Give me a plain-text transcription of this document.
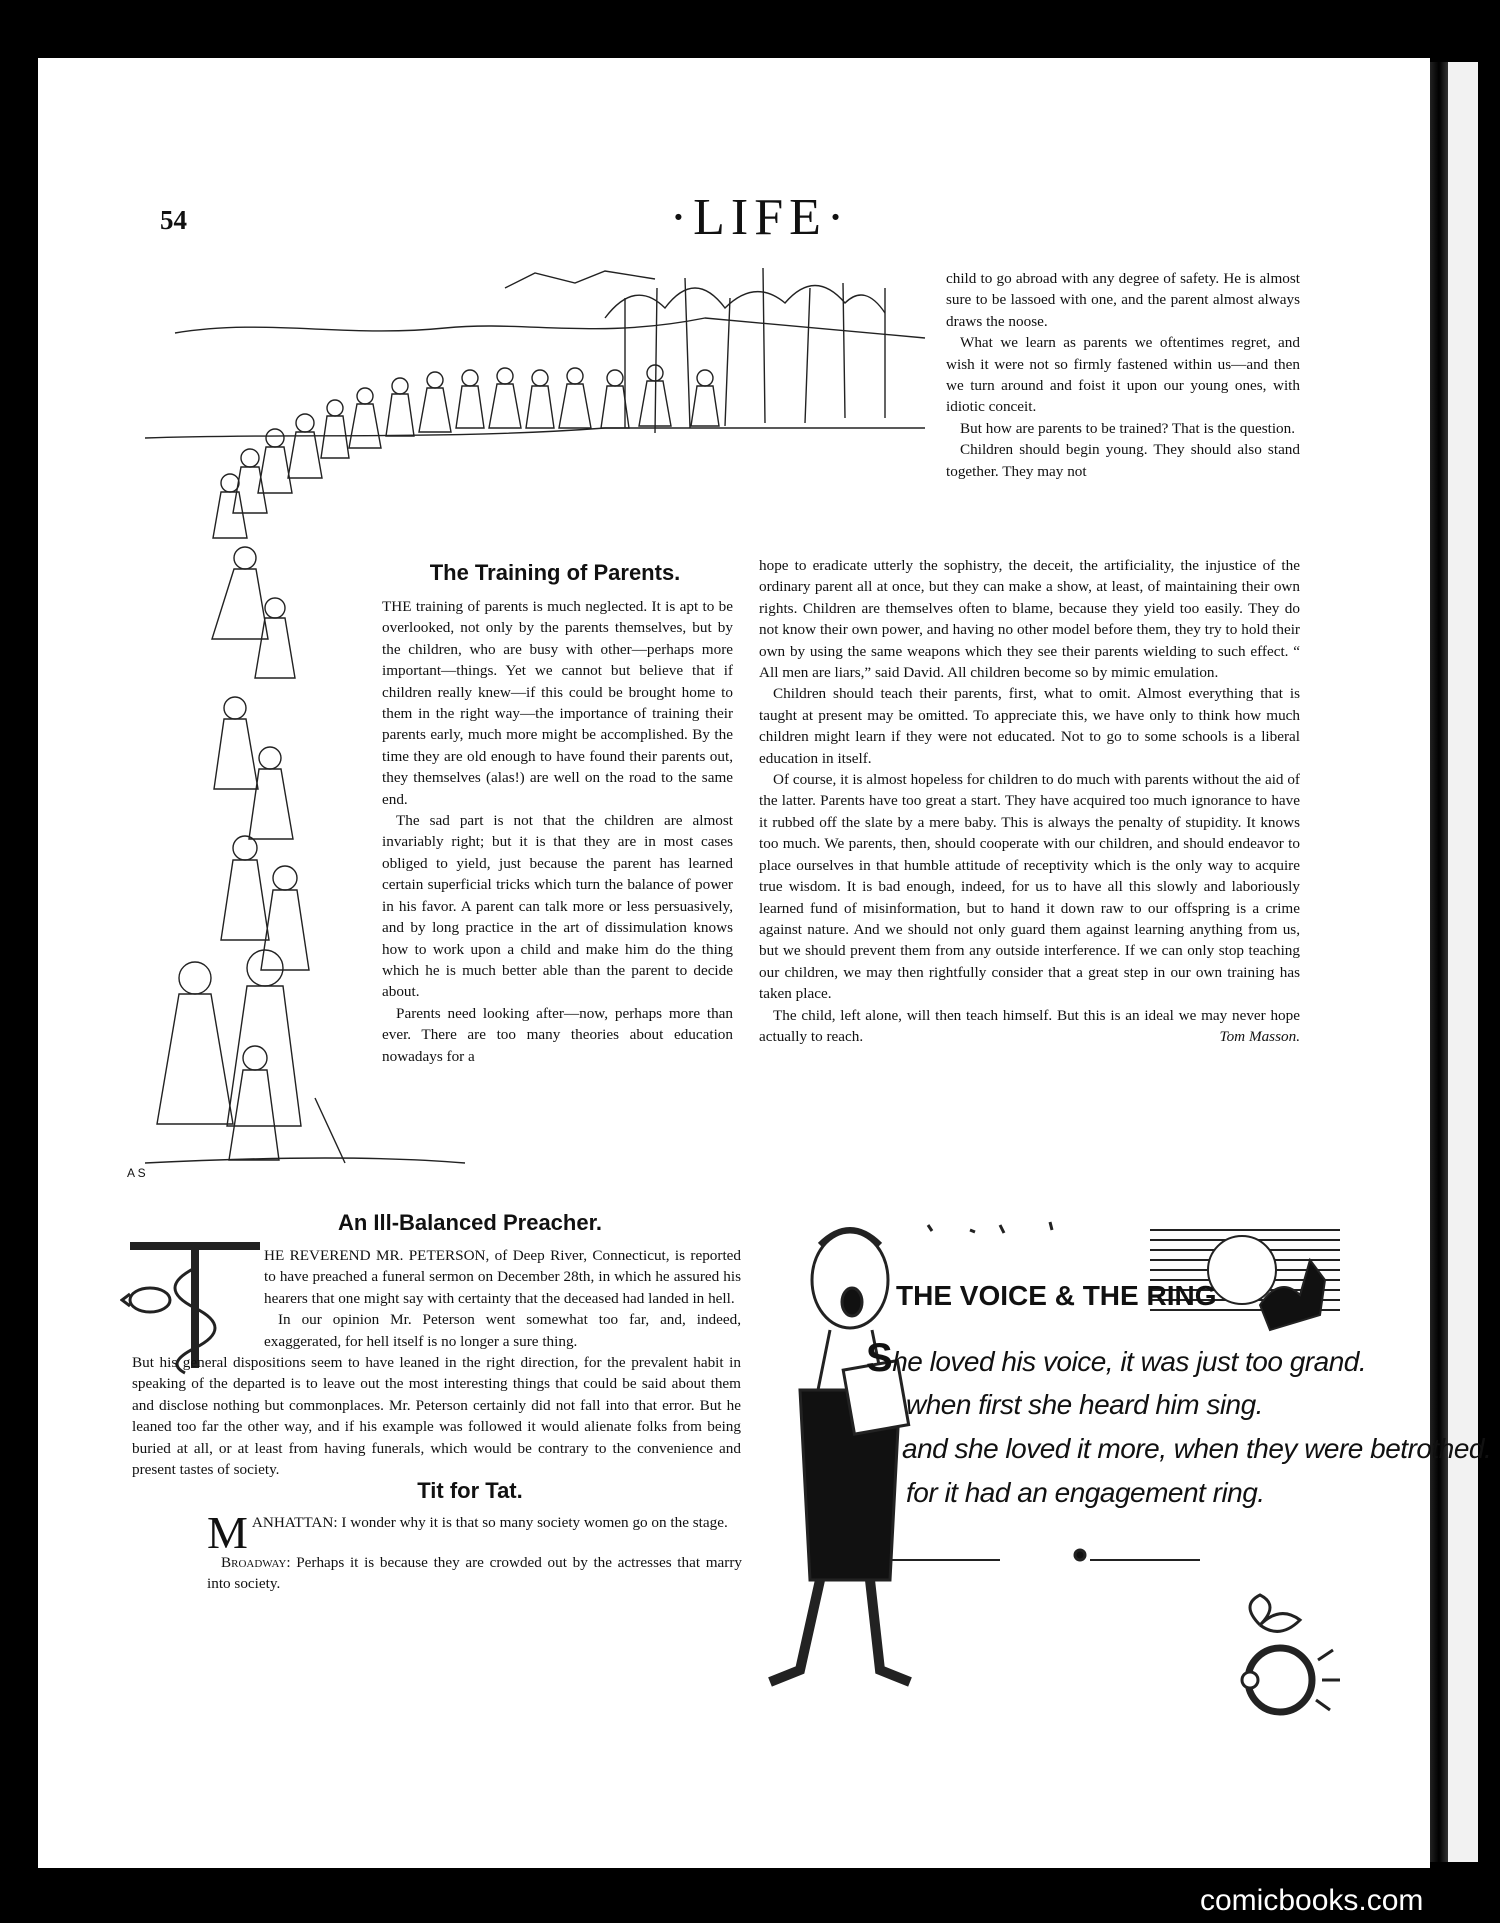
54	·LIFE·
A S
The Training of Parents.

THE training of parents is much neglected. It is apt to be overlooked, not only by the parents themselves, but by the children, who are busy with other—perhaps more important—things. Yet we cannot but believe that if children really knew—if this could be brought home to them in the right way—the importance of training their parents early, much more might be accomplished. By the time they are old enough to have found their parents out, they themselves (alas!) are well on the road to the same end.

The sad part is not that the children are almost invariably right; but it is that they are in most cases obliged to yield, just because the parent has learned certain superficial tricks which turn the balance of power in his favor. A parent can talk more or less persuasively, and by long practice in the art of dissimulation knows how to work upon a child and make him do the thing which he is much better able than the parent to decide about.

Parents need looking after—now, perhaps more than ever. There are too many theories about education nowadays for a

child to go abroad with any degree of safety. He is almost sure to be lassoed with one, and the parent almost always draws the noose.

What we learn as parents we oftentimes regret, and wish it were not so firmly fastened within us—and then we turn around and foist it upon our young ones, with idiotic conceit.

But how are parents to be trained? That is the question.

Children should begin young. They should also stand together. They may not

hope to eradicate utterly the sophistry, the deceit, the artificiality, the injustice of the ordinary parent all at once, but they can make a show, at least, of maintaining their own rights. Children are themselves often to blame, because they yield too easily. They do not know their own power, and having no other model before them, they try to hold their own by using the same weapons which they see their parents wielding to such effect. “ All men are liars,” said David. All children become so by mimic emulation.

Children should teach their parents, first, what to omit. Almost everything that is taught at present may be omitted. To appreciate this, we have only to think how much children might learn if they were not educated. Not to go to some schools is a liberal education in itself.

Of course, it is almost hopeless for children to do much with parents without the aid of the latter. Parents have too great a start. They have acquired too much ignorance to have it rubbed off the slate by a mere baby. This is always the penalty of stupidity. It knows too much. We parents, then, should cooperate with our children, and should endeavor to place ourselves in that humble attitude of receptivity which is the only way to acquire true wisdom. It is bad enough, indeed, for us to have all this slowly and laboriously learned fund of misinformation, but to hand it down raw to our offspring is a crime against nature. And we should not only guard them against learning anything from us, but we should prevent them from any outside interference. If we can only stop teaching our children, we may then rightfully consider that a great step in our own training has taken place.

The child, left alone, will then teach himself. But this is an ideal we may never hope actually to reach.	Tom Masson.

An Ill-Balanced Preacher.

HE REVEREND MR. PETERSON, of Deep River, Connecticut, is reported to have preached a funeral sermon on December 28th, in which he assured his hearers that one might say with certainty that the deceased had landed in hell.

In our opinion Mr. Peterson went somewhat too far, and, indeed, exaggerated, for hell itself is no longer a sure thing.

But his general dispositions seem to have leaned in the right direction, for the prevalent habit in speaking of the departed is to leave out the most interesting things that could be said about them and disclose nothing but commonplaces. Mr. Peterson certainly did not fall into that error. But he leaned too far the other way, and if his example was followed it would alienate folks from being buried at all, or at least from having funerals, which would be contrary to the convenience and present tastes of society.

Tit for Tat.

MANHATTAN: I wonder why it is that so many society women go on the stage.

Broadway: Perhaps it is because they are crowded out by the actresses that marry into society.

THE VOICE & THE RING
She loved his voice, it was just too grand.
when first she heard him sing.
and she loved it more, when they were betrothed.
for it had an engagement ring.
comicbooks.com
